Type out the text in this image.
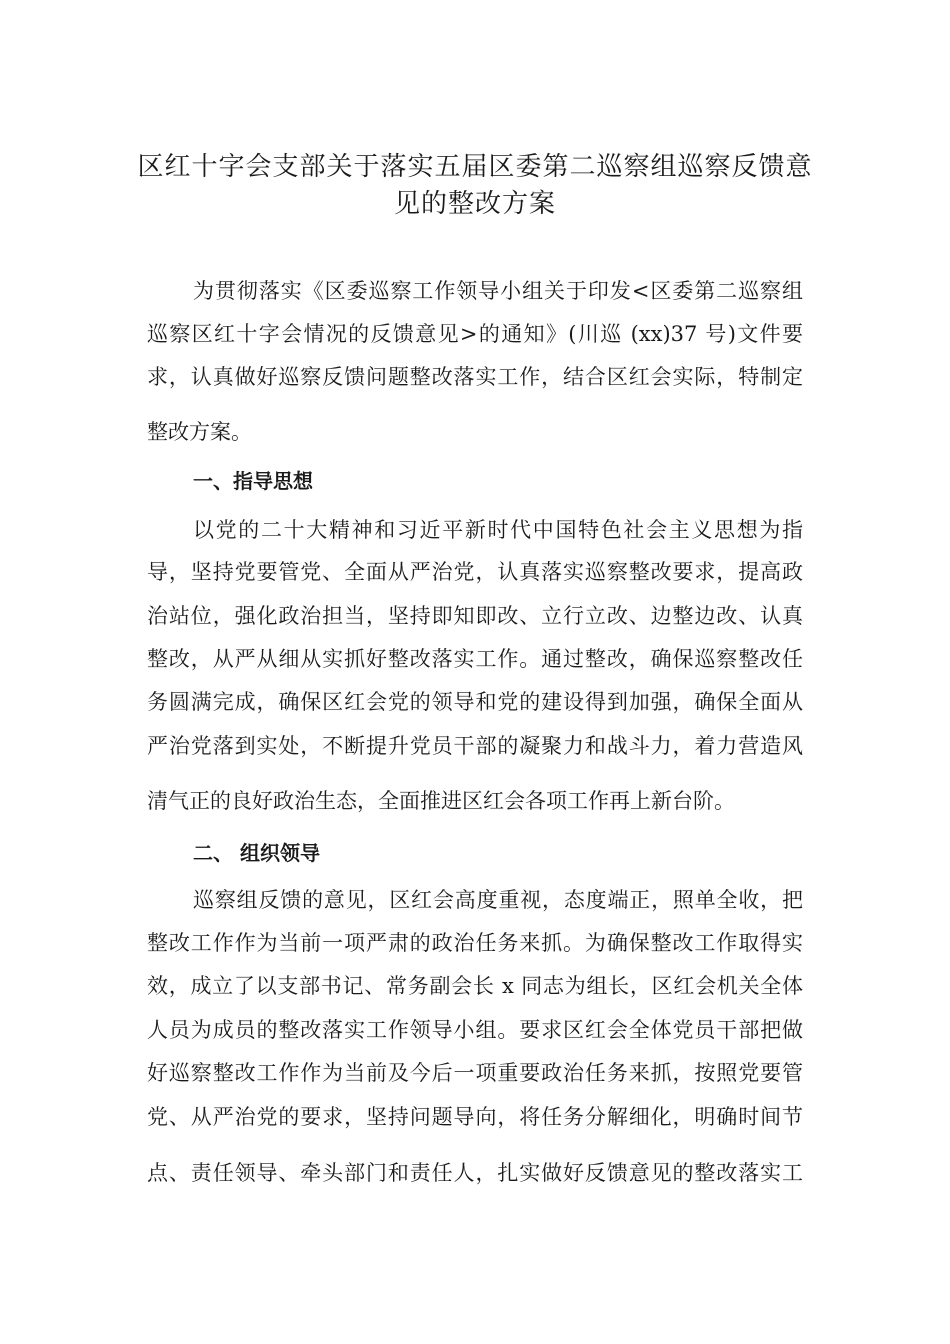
区红十字会支部关于落实五届区委第二巡察组巡察反馈意
见的整改方案
为贯彻落实《区委巡察工作领导小组关于印发<区委第二巡察组
巡察区红十字会情况的反馈意见>的通知》(川巡 (xx)37 号)文件要
求，认真做好巡察反馈问题整改落实工作，结合区红会实际，特制定
整改方案。
一、指导思想
以党的二十大精神和习近平新时代中国特色社会主义思想为指
导，坚持党要管党、全面从严治党，认真落实巡察整改要求，提高政
治站位，强化政治担当，坚持即知即改、立行立改、边整边改、认真
整改，从严从细从实抓好整改落实工作。通过整改，确保巡察整改任
务圆满完成，确保区红会党的领导和党的建设得到加强，确保全面从
严治党落到实处，不断提升党员干部的凝聚力和战斗力，着力营造风
清气正的良好政治生态，全面推进区红会各项工作再上新台阶。
二、 组织领导
巡察组反馈的意见，区红会高度重视，态度端正，照单全收，把
整改工作作为当前一项严肃的政治任务来抓。为确保整改工作取得实
效，成立了以支部书记、常务副会长 x 同志为组长，区红会机关全体
人员为成员的整改落实工作领导小组。要求区红会全体党员干部把做
好巡察整改工作作为当前及今后一项重要政治任务来抓，按照党要管
党、从严治党的要求，坚持问题导向，将任务分解细化，明确时间节
点、责任领导、牵头部门和责任人，扎实做好反馈意见的整改落实工
